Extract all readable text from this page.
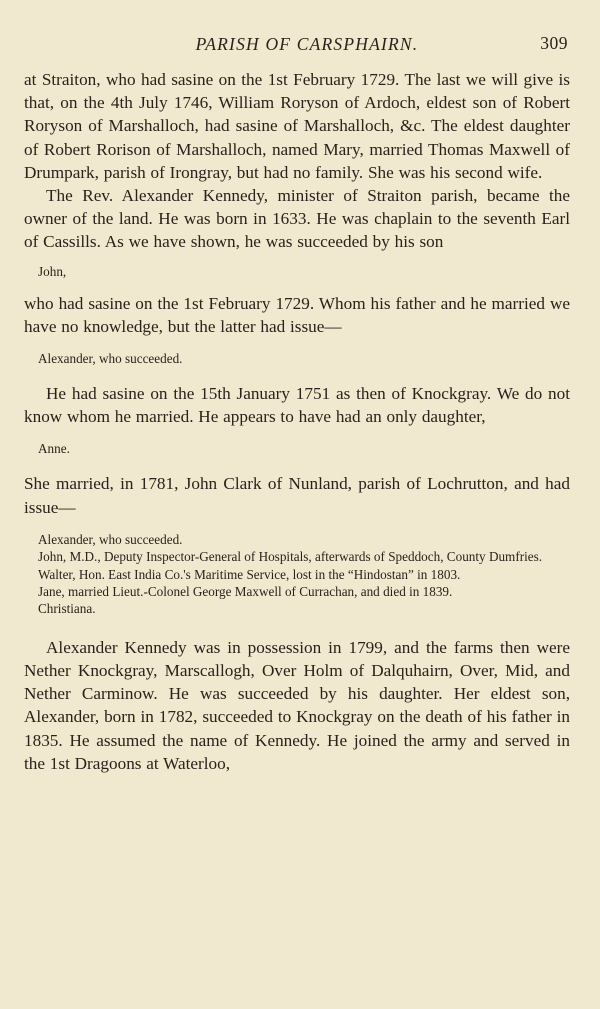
PARISH OF CARSPHAIRN.	309

at Straiton, who had sasine on the 1st February 1729. The last we will give is that, on the 4th July 1746, William Roryson of Ardoch, eldest son of Robert Roryson of Marshalloch, had sasine of Marshalloch, &c. The eldest daughter of Robert Rorison of Marshalloch, named Mary, married Thomas Maxwell of Drumpark, parish of Irongray, but had no family. She was his second wife.

The Rev. Alexander Kennedy, minister of Straiton parish, became the owner of the land. He was born in 1633. He was chaplain to the seventh Earl of Cassills. As we have shown, he was succeeded by his son

John,

who had sasine on the 1st February 1729. Whom his father and he married we have no knowledge, but the latter had issue—

Alexander, who succeeded.

He had sasine on the 15th January 1751 as then of Knockgray. We do not know whom he married. He appears to have had an only daughter,

Anne.

She married, in 1781, John Clark of Nunland, parish of Lochrutton, and had issue—

Alexander, who succeeded.

John, M.D., Deputy Inspector-General of Hospitals, afterwards of Speddoch, County Dumfries.

Walter, Hon. East India Co.'s Maritime Service, lost in the “Hindostan” in 1803.

Jane, married Lieut.-Colonel George Maxwell of Currachan, and died in 1839.

Christiana.

Alexander Kennedy was in possession in 1799, and the farms then were Nether Knockgray, Marscallogh, Over Holm of Dalquhairn, Over, Mid, and Nether Carminow. He was succeeded by his daughter. Her eldest son, Alexander, born in 1782, succeeded to Knockgray on the death of his father in 1835. He assumed the name of Kennedy. He joined the army and served in the 1st Dragoons at Waterloo,
